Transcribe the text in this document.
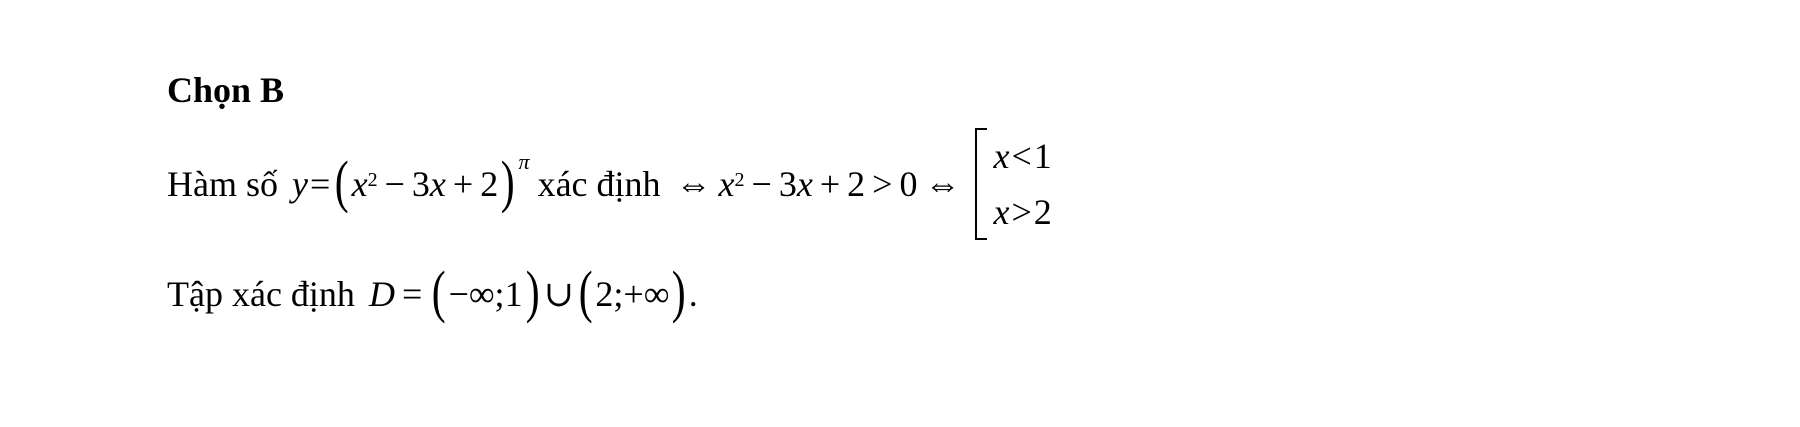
Chọn B
Hàm số y = ( $x^2 - 3$ x + 2 ) π
xác định ⇔ $x^2 - 3$ x + 2 > 0 ⇔
x < 1
x > 2
Tập xác định D = ( −∞ ; 1 ) ∪ ( 2 ; +∞ ) .
